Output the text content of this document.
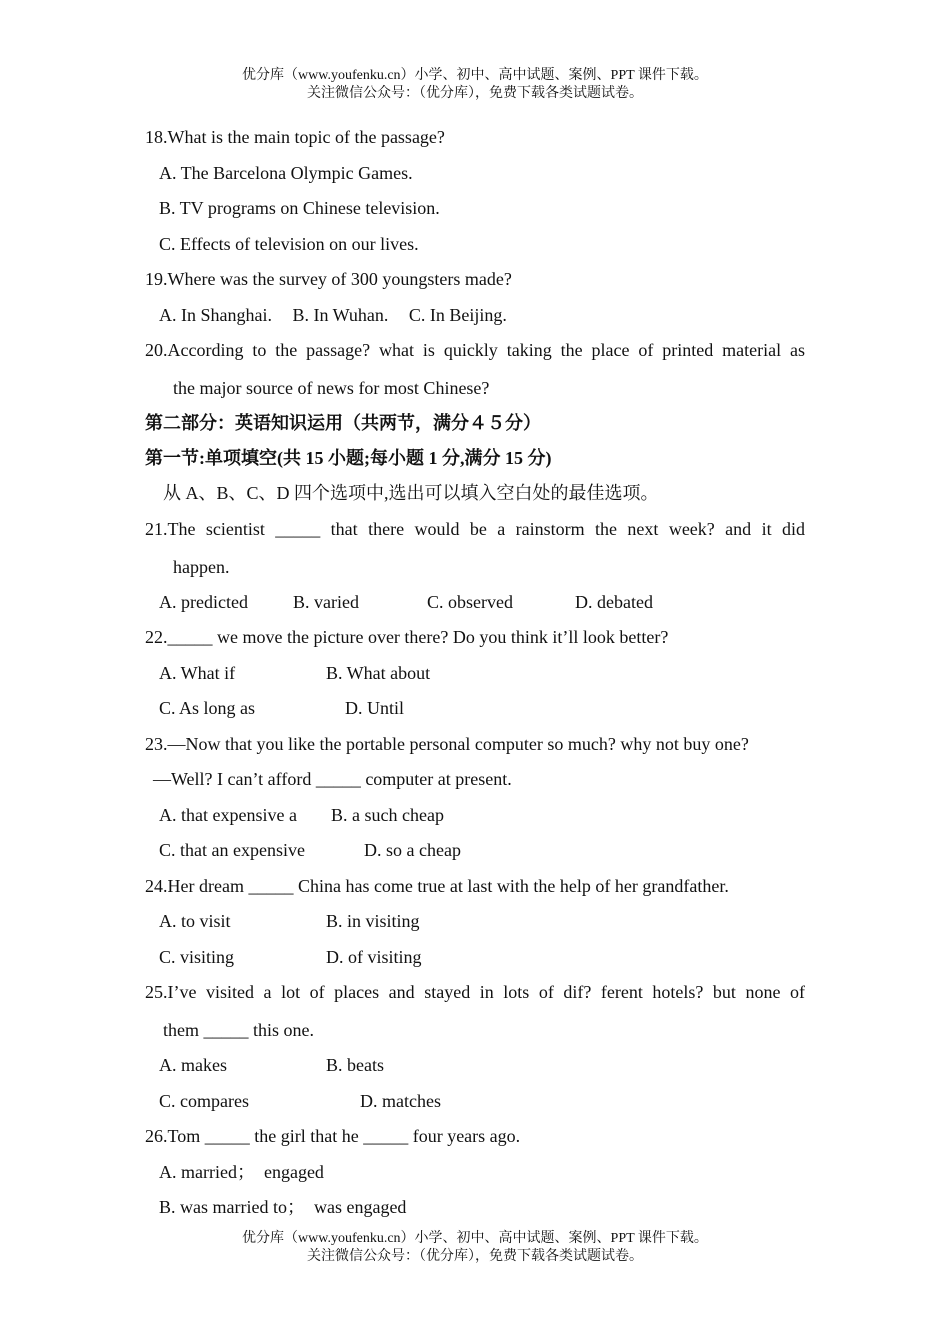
优分库（www.youfenku.cn）小学、初中、高中试题、案例、PPT 课件下载。
关注微信公众号：（优分库），免费下载各类试题试卷。
18.What is the main topic of the passage?
A. The Barcelona Olympic Games.
B. TV programs on Chinese television.
C. Effects of television on our lives.
19.Where was the survey of 300 youngsters made?
A. In Shanghai. B. In Wuhan. C. In Beijing.
20.According to the passage? what is quickly taking the place of printed material as
the major source of news for most Chinese?
第二部分：英语知识运用（共两节，满分４５分）
第一节:单项填空(共 15 小题;每小题 1 分,满分 15 分)
从 A、B、C、D 四个选项中,选出可以填入空白处的最佳选项。
21.The scientist _____ that there would be a rainstorm the next week? and it did
happen.
A. predicted	B. varied	C. observed	D. debated
22._____ we move the picture over there? Do you think it’ll look better?
A. What if	B. What about
C. As long as	D. Until
23.—Now that you like the portable personal computer so much? why not buy one?
—Well? I can’t afford _____ computer at present.
A. that expensive a B. a such cheap
C. that an expensive	D. so a cheap
24.Her dream _____ China has come true at last with the help of her grandfather.
A. to visit	B. in visiting
C. visiting	D. of visiting
25.I’ve visited a lot of places and stayed in lots of dif? ferent hotels? but none of
them _____ this one.
A. makes	B. beats
C. compares	D. matches
26.Tom _____ the girl that he _____ four years ago.
A. married；  engaged
B. was married to；  was engaged
优分库（www.youfenku.cn）小学、初中、高中试题、案例、PPT 课件下载。
关注微信公众号：（优分库），免费下载各类试题试卷。
